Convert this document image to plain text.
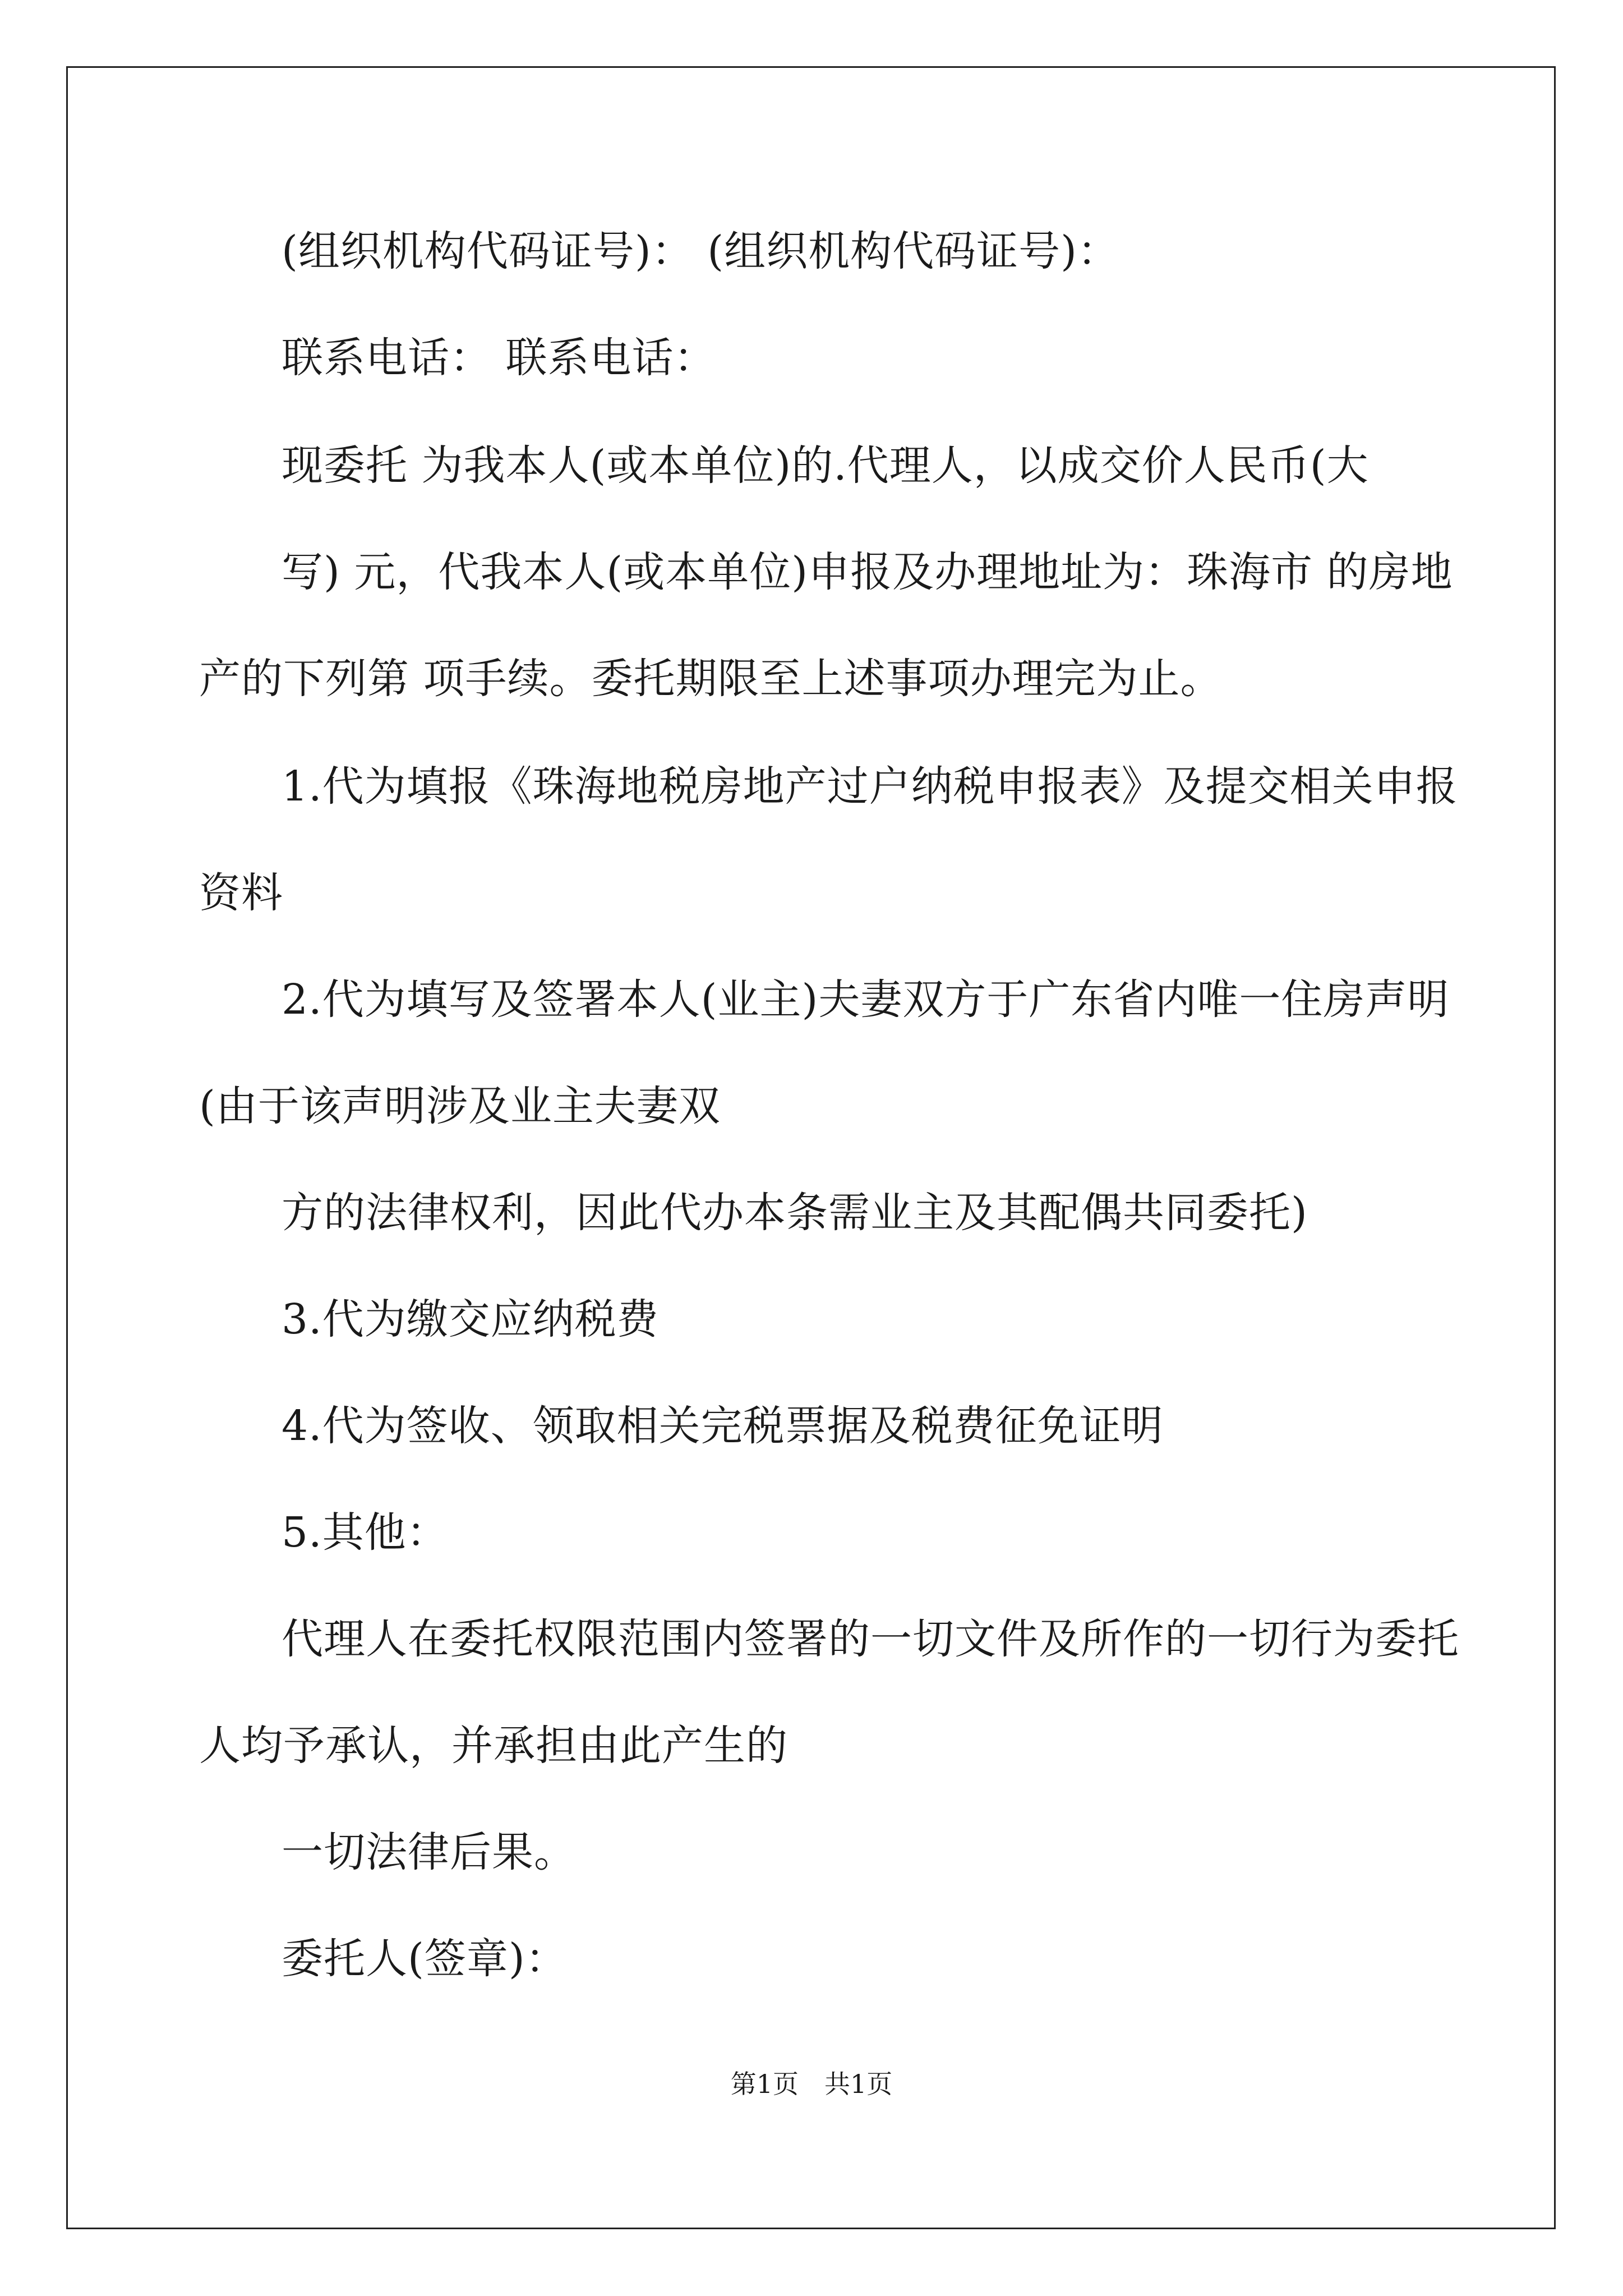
(组织机构代码证号)： (组织机构代码证号)：
联系电话： 联系电话：
现委托 为我本人(或本单位)的.代理人，以成交价人民币(大
写) 元，代我本人(或本单位)申报及办理地址为：珠海市 的房地
产的下列第 项手续。委托期限至上述事项办理完为止。
1.代为填报《珠海地税房地产过户纳税申报表》及提交相关申报
资料
2.代为填写及签署本人(业主)夫妻双方于广东省内唯一住房声明
(由于该声明涉及业主夫妻双
方的法律权利，因此代办本条需业主及其配偶共同委托)
3.代为缴交应纳税费
4.代为签收、领取相关完税票据及税费征免证明
5.其他：
代理人在委托权限范围内签署的一切文件及所作的一切行为委托
人均予承认，并承担由此产生的
一切法律后果。
委托人(签章)：
第1页　共1页
